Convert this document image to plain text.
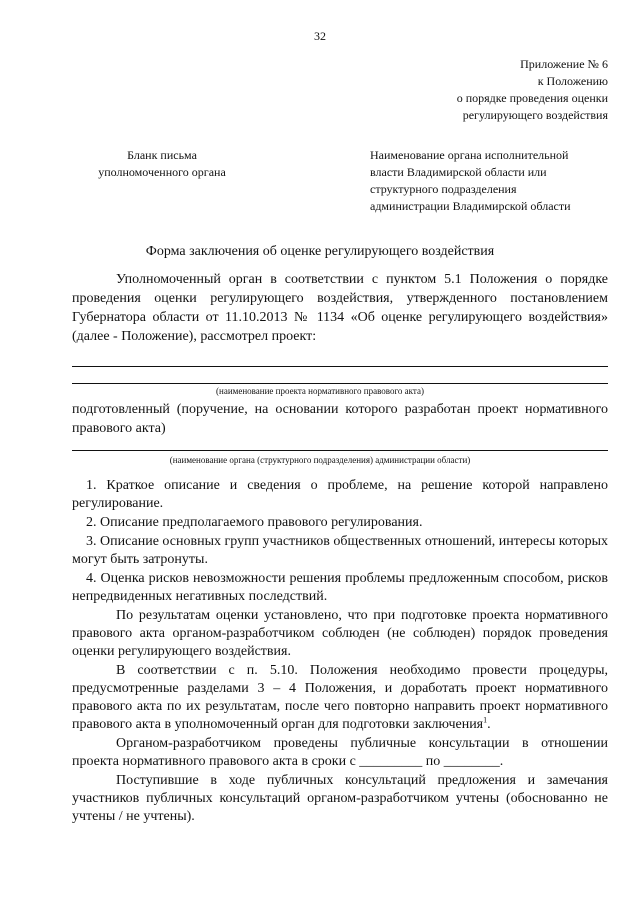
32
Приложение № 6
к Положению
о порядке проведения оценки
регулирующего воздействия
Бланк письма
уполномоченного органа
Наименование органа исполнительной
власти Владимирской области или
структурного подразделения
администрации Владимирской области
Форма заключения об оценке регулирующего воздействия

Уполномоченный орган в соответствии с пунктом 5.1 Положения о порядке проведения оценки регулирующего воздействия, утвержденного постановлением Губернатора области от 11.10.2013 № 1134 «Об оценке регулирующего воздействия» (далее - Положение), рассмотрел проект:

(наименование проекта нормативного правового акта)

подготовленный (поручение, на основании которого разработан проект нормативного правового акта)

(наименование органа (структурного подразделения) администрации области)

1. Краткое описание и сведения о проблеме, на решение которой направлено регулирование.

2. Описание предполагаемого правового регулирования.

3. Описание основных групп участников общественных отношений, интересы которых могут быть затронуты.

4. Оценка рисков невозможности решения проблемы предложенным способом, рисков непредвиденных негативных последствий.

По результатам оценки установлено, что при подготовке проекта нормативного правового акта органом-разработчиком соблюден (не соблюден) порядок проведения оценки регулирующего воздействия.

В соответствии с п. 5.10. Положения необходимо провести процедуры, предусмотренные разделами 3 – 4 Положения, и доработать проект нормативного правового акта по их результатам, после чего повторно направить проект нормативного правового акта в уполномоченный орган для подготовки заключения$^1$.

Органом-разработчиком проведены публичные консультации в отношении проекта нормативного правового акта в сроки с _________ по ________.

Поступившие в ходе публичных консультаций предложения и замечания участников публичных консультаций органом-разработчиком учтены (обоснованно не учтены / не учтены).
